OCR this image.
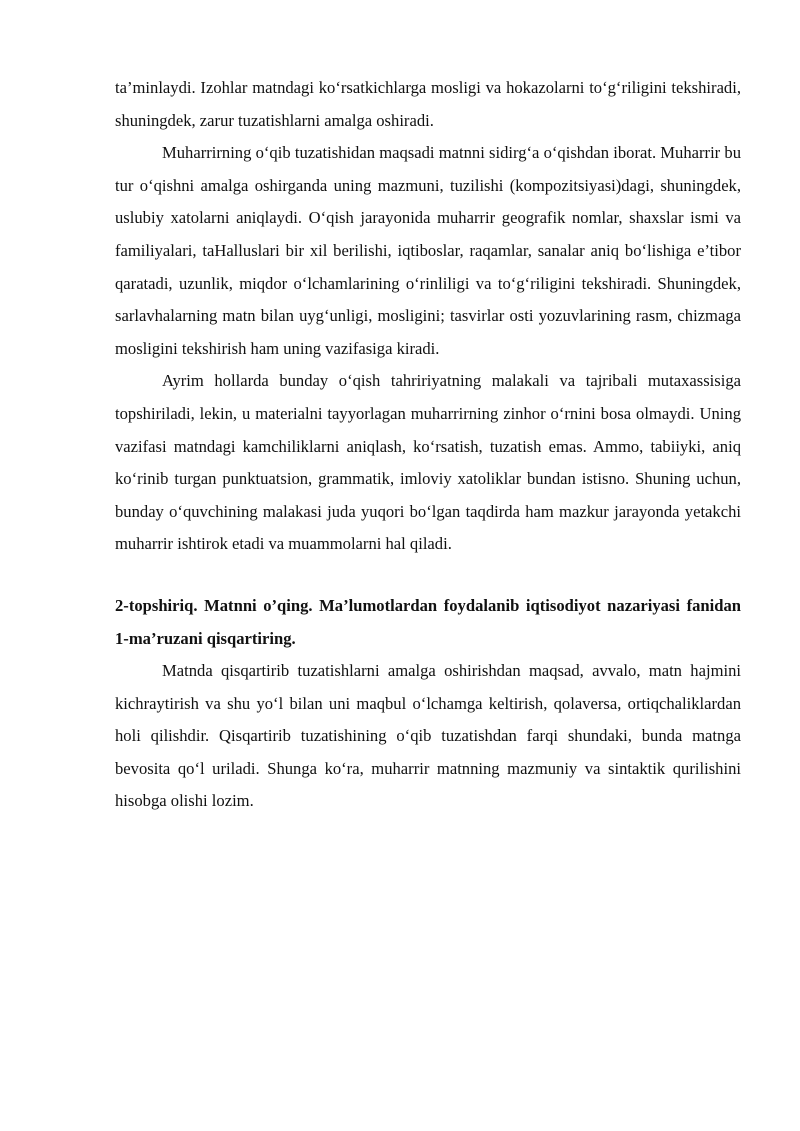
ta’minlaydi. Izohlar matndagi ko‘rsatkichlarga mosligi va hokazolarni to‘g‘riligini tekshiradi, shuningdek, zarur tuzatishlarni amalga oshiradi.

Muharrirning o‘qib tuzatishidan maqsadi matnni sidirg‘a o‘qishdan iborat. Muharrir bu tur o‘qishni amalga oshirganda uning mazmuni, tuzilishi (kompozitsiyasi)dagi, shuningdek, uslubiy xatolarni aniqlaydi. O‘qish jarayonida muharrir geografik nomlar, shaxslar ismi va familiyalari, taHalluslari bir xil berilishi, iqtiboslar, raqamlar, sanalar aniq bo‘lishiga e’tibor qaratadi, uzunlik, miqdor o‘lchamlarining o‘rinliligi va to‘g‘riligini tekshiradi. Shuningdek, sarlavhalarning matn bilan uyg‘unligi, mosligini; tasvirlar osti yozuvlarining rasm, chizmaga mosligini tekshirish ham uning vazifasiga kiradi.

Ayrim hollarda bunday o‘qish tahririyatning malakali va tajribali mutaxassisiga topshiriladi, lekin, u materialni tayyorlagan muharrirning zinhor o‘rnini bosa olmaydi. Uning vazifasi matndagi kamchiliklarni aniqlash, ko‘rsatish, tuzatish emas. Ammo, tabiiyki, aniq ko‘rinib turgan punktuatsion, grammatik, imloviy xatoliklar bundan istisno. Shuning uchun, bunday o‘quvchining malakasi juda yuqori bo‘lgan taqdirda ham mazkur jarayonda yetakchi muharrir ishtirok etadi va muammolarni hal qiladi.

2-topshiriq. Matnni o’qing. Ma’lumotlardan foydalanib iqtisodiyot nazariyasi fanidan 1-ma’ruzani qisqartiring.

Matnda qisqartirib tuzatishlarni amalga oshirishdan maqsad, avvalo, matn hajmini kichraytirish va shu yo‘l bilan uni maqbul o‘lchamga keltirish, qolaversa, ortiqchaliklardan holi qilishdir. Qisqartirib tuzatishining o‘qib tuzatishdan farqi shundaki, bunda matnga bevosita qo‘l uriladi. Shunga ko‘ra, muharrir matnning mazmuniy va sintaktik qurilishini hisobga olishi lozim.
